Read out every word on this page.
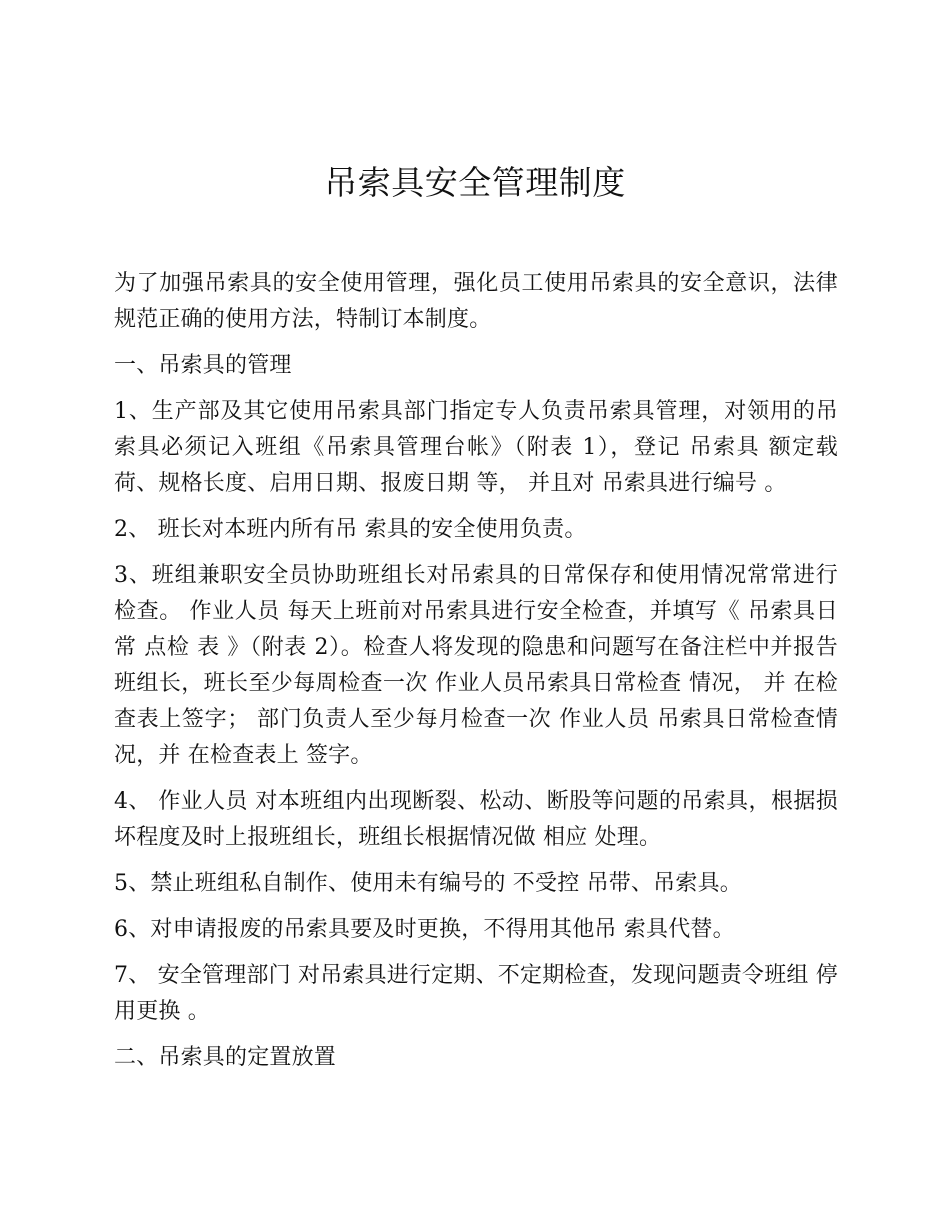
吊索具安全管理制度

为了加强吊索具的安全使用管理，强化员工使用吊索具的安全意识，法律规范正确的使用方法，特制订本制度。

一、吊索具的管理

1、生产部及其它使用吊索具部门指定专人负责吊索具管理，对领用的吊索具必须记入班组《吊索具管理台帐》（附表 1），登记 吊索具 额定载荷、规格长度、启用日期、报废日期 等， 并且对 吊索具进行编号 。

2、 班长对本班内所有吊 索具的安全使用负责。

3、班组兼职安全员协助班组长对吊索具的日常保存和使用情况常常进行检查。 作业人员 每天上班前对吊索具进行安全检查，并填写《 吊索具日常 点检 表 》（附表 2）。检查人将发现的隐患和问题写在备注栏中并报告班组长，班长至少每周检查一次 作业人员吊索具日常检查 情况， 并 在检查表上签字； 部门负责人至少每月检查一次 作业人员 吊索具日常检查情况，并 在检查表上 签字。

4、 作业人员 对本班组内出现断裂、松动、断股等问题的吊索具，根据损坏程度及时上报班组长，班组长根据情况做 相应 处理。

5、禁止班组私自制作、使用未有编号的 不受控 吊带、吊索具。

6、对申请报废的吊索具要及时更换，不得用其他吊 索具代替。

7、 安全管理部门 对吊索具进行定期、不定期检查，发现问题责令班组 停用更换 。

二、吊索具的定置放置
